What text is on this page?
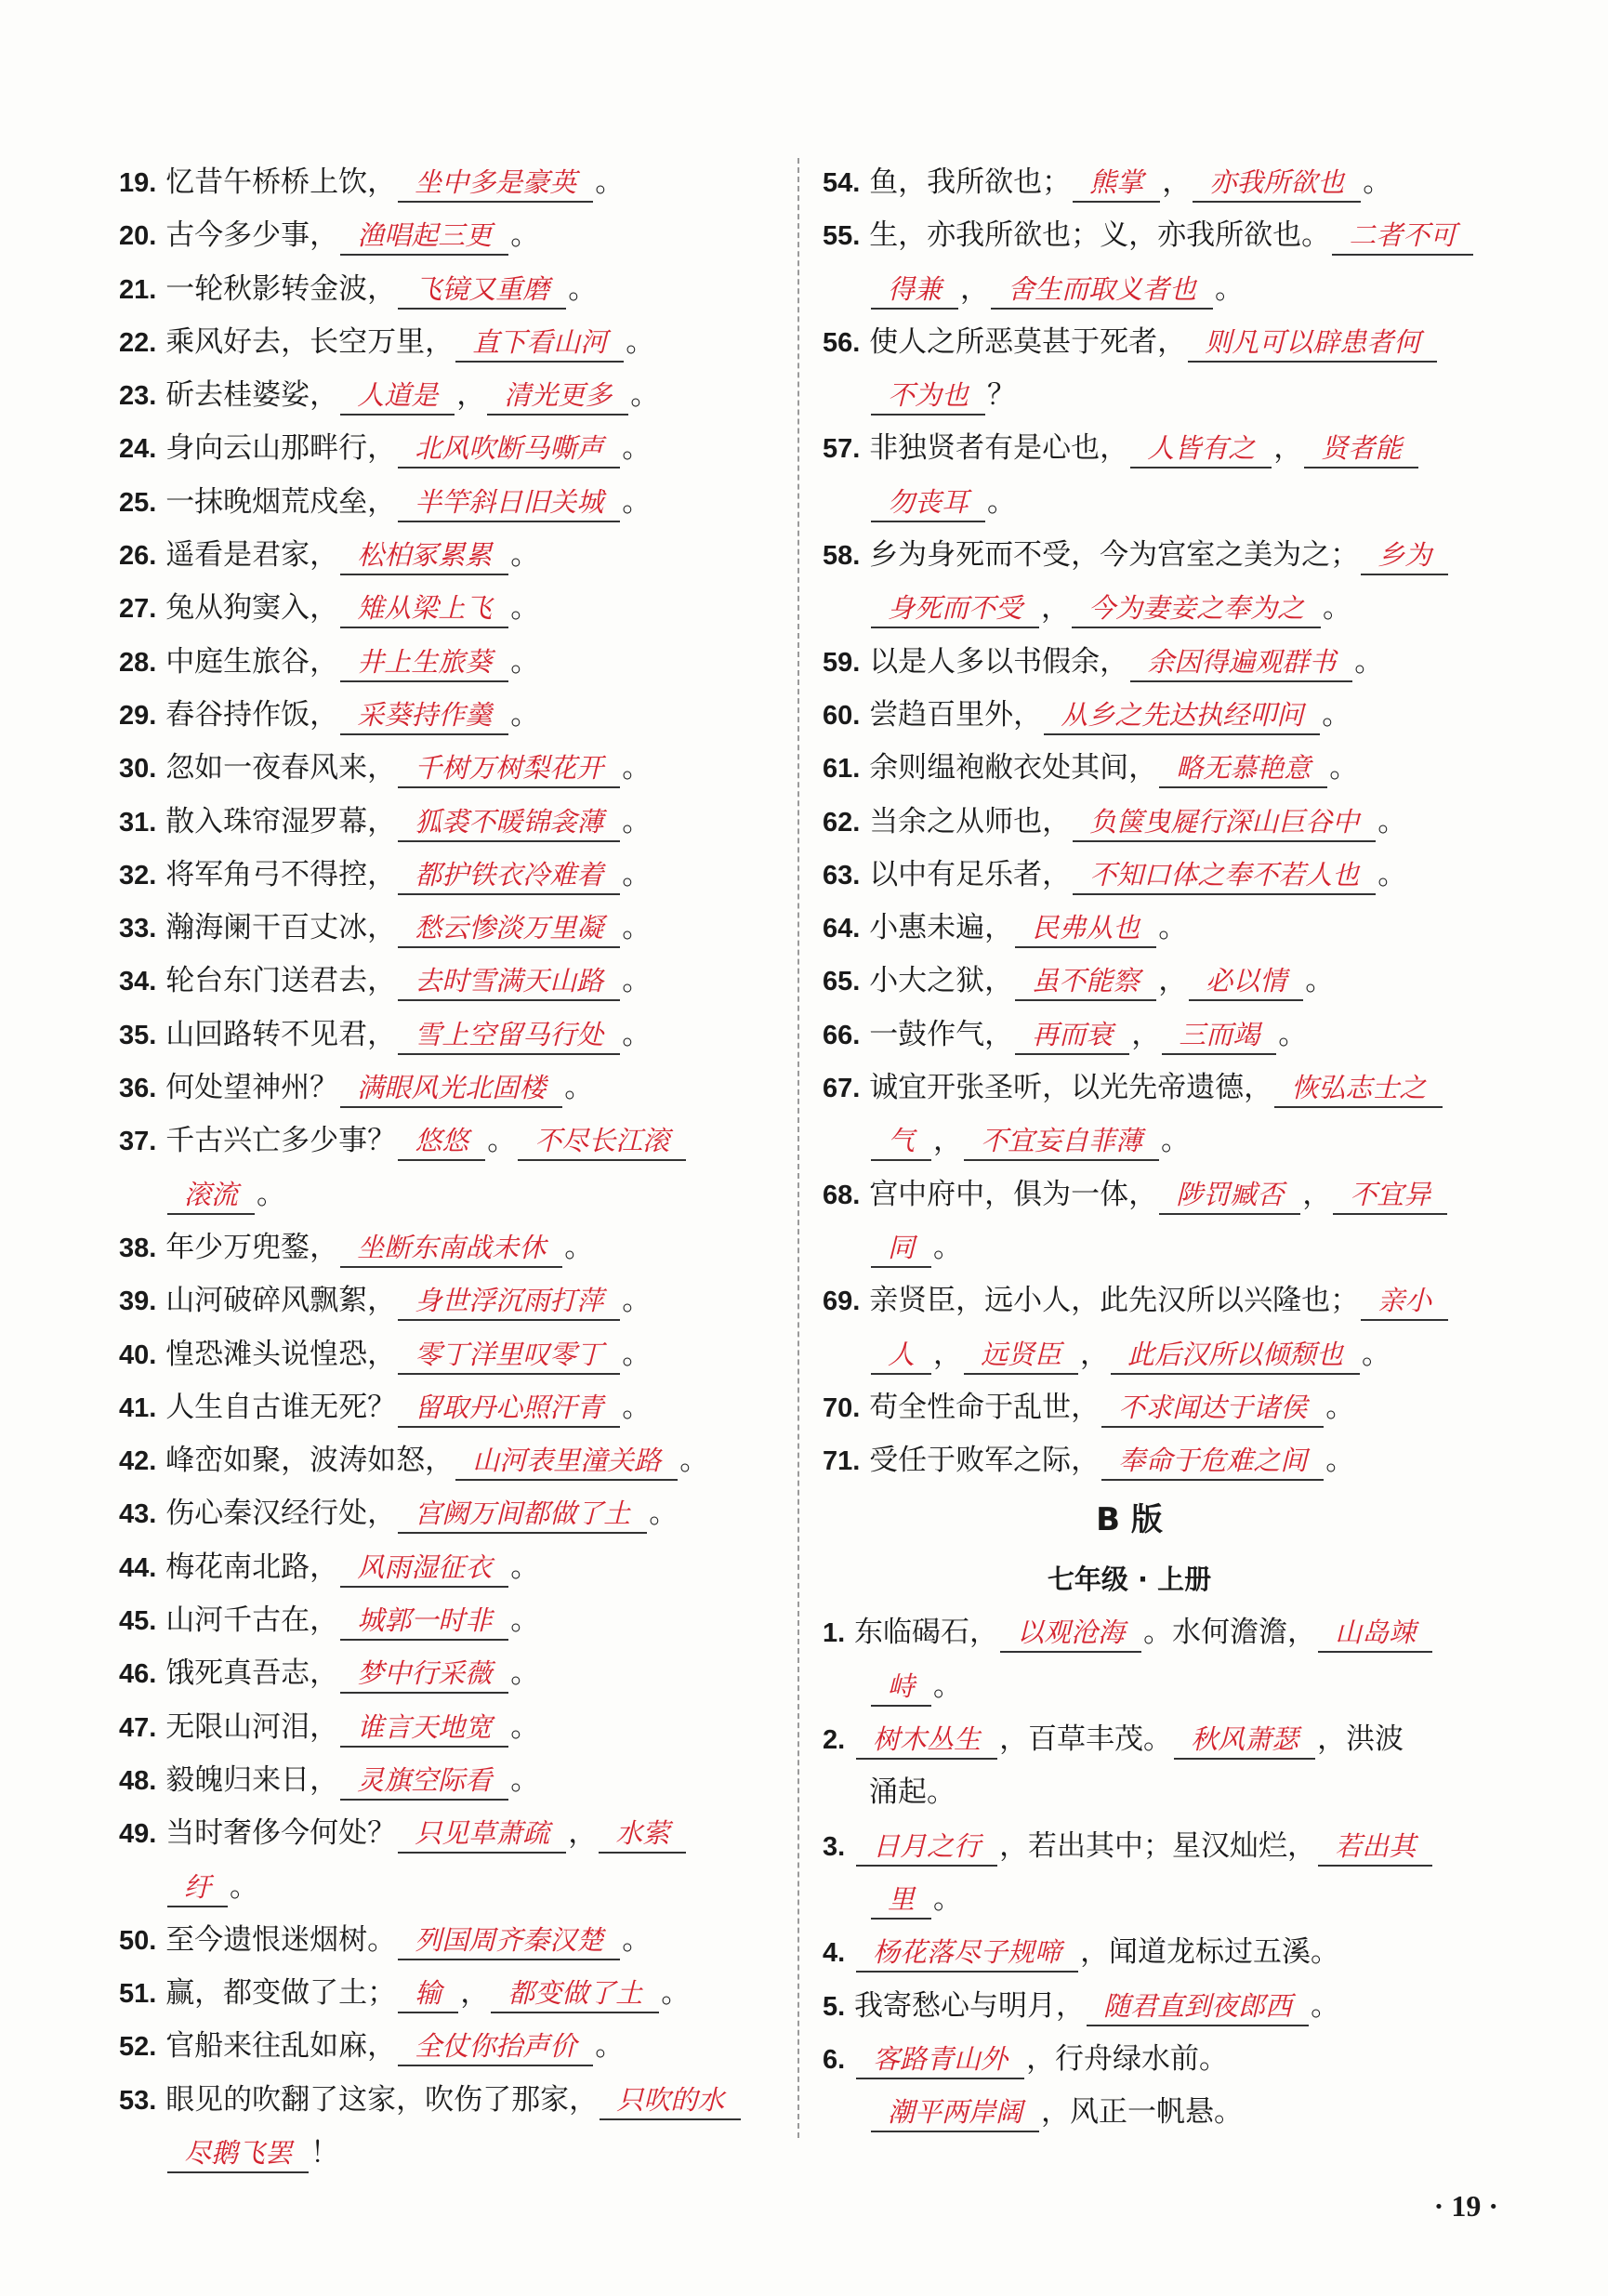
19. 忆昔午桥桥上饮， 坐中多是豪英 。
20. 古今多少事， 渔唱起三更 。
21. 一轮秋影转金波， 飞镜又重磨 。
22. 乘风好去，长空万里， 直下看山河 。
23. 斫去桂婆娑， 人道是 ， 清光更多 。
24. 身向云山那畔行， 北风吹断马嘶声 。
25. 一抹晚烟荒戍垒， 半竿斜日旧关城 。
26. 遥看是君家， 松柏冢累累 。
27. 兔从狗窦入， 雉从梁上飞 。
28. 中庭生旅谷， 井上生旅葵 。
29. 舂谷持作饭， 采葵持作羹 。
30. 忽如一夜春风来， 千树万树梨花开 。
31. 散入珠帘湿罗幕， 狐裘不暖锦衾薄 。
32. 将军角弓不得控， 都护铁衣冷难着 。
33. 瀚海阑干百丈冰， 愁云惨淡万里凝 。
34. 轮台东门送君去， 去时雪满天山路 。
35. 山回路转不见君， 雪上空留马行处 。
36. 何处望神州？ 满眼风光北固楼 。
37. 千古兴亡多少事？ 悠悠 。 不尽长江滚
滚流 。
38. 年少万兜鍪， 坐断东南战未休 。
39. 山河破碎风飘絮， 身世浮沉雨打萍 。
40. 惶恐滩头说惶恐， 零丁洋里叹零丁 。
41. 人生自古谁无死？ 留取丹心照汗青 。
42. 峰峦如聚，波涛如怒， 山河表里潼关路 。
43. 伤心秦汉经行处， 宫阙万间都做了土 。
44. 梅花南北路， 风雨湿征衣 。
45. 山河千古在， 城郭一时非 。
46. 饿死真吾志， 梦中行采薇 。
47. 无限山河泪， 谁言天地宽 。
48. 毅魄归来日， 灵旗空际看 。
49. 当时奢侈今何处？ 只见草萧疏 ， 水萦
纡 。
50. 至今遗恨迷烟树。 列国周齐秦汉楚 。
51. 赢，都变做了土； 输 ， 都变做了土 。
52. 官船来往乱如麻， 全仗你抬声价 。
53. 眼见的吹翻了这家，吹伤了那家， 只吹的水
尽鹅飞罢 ！
54. 鱼，我所欲也； 熊掌 ， 亦我所欲也 。
55. 生，亦我所欲也；义，亦我所欲也。 二者不可
得兼 ， 舍生而取义者也 。
56. 使人之所恶莫甚于死者， 则凡可以辟患者何
不为也 ？
57. 非独贤者有是心也， 人皆有之 ， 贤者能
勿丧耳 。
58. 乡为身死而不受，今为宫室之美为之； 乡为
身死而不受 ， 今为妻妾之奉为之 。
59. 以是人多以书假余， 余因得遍观群书 。
60. 尝趋百里外， 从乡之先达执经叩问 。
61. 余则缊袍敝衣处其间， 略无慕艳意 。
62. 当余之从师也， 负箧曳屣行深山巨谷中 。
63. 以中有足乐者， 不知口体之奉不若人也 。
64. 小惠未遍， 民弗从也 。
65. 小大之狱， 虽不能察 ， 必以情 。
66. 一鼓作气， 再而衰 ， 三而竭 。
67. 诚宜开张圣听，以光先帝遗德， 恢弘志士之
气 ， 不宜妄自菲薄 。
68. 宫中府中，俱为一体， 陟罚臧否 ， 不宜异
同 。
69. 亲贤臣，远小人，此先汉所以兴隆也； 亲小
人 ， 远贤臣 ， 此后汉所以倾颓也 。
70. 苟全性命于乱世， 不求闻达于诸侯 。
71. 受任于败军之际， 奉命于危难之间 。
B 版
七年级 · 上册
1. 东临碣石， 以观沧海 。水何澹澹， 山岛竦
峙 。
2. 树木丛生 ，百草丰茂。 秋风萧瑟 ，洪波
涌起。
3. 日月之行 ，若出其中；星汉灿烂， 若出其
里 。
4. 杨花落尽子规啼 ，闻道龙标过五溪。
5. 我寄愁心与明月， 随君直到夜郎西 。
6. 客路青山外 ，行舟绿水前。
潮平两岸阔 ，风正一帆悬。
· 19 ·
